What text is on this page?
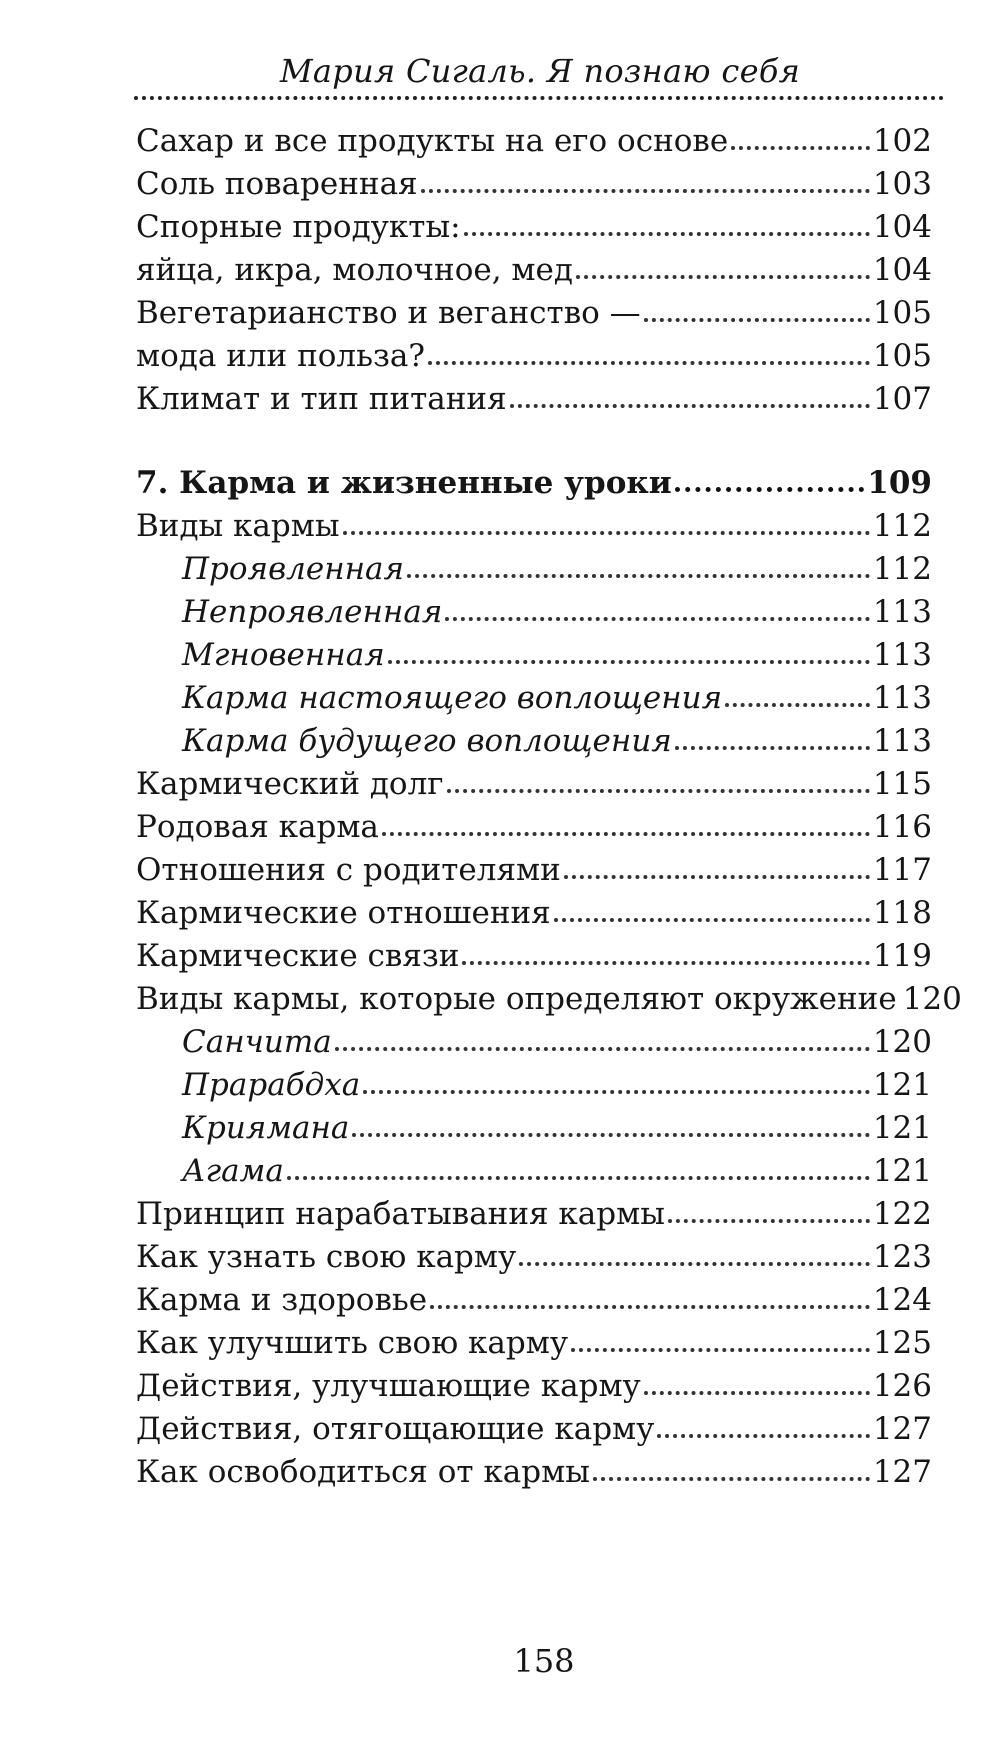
Мария Сигаль. Я познаю себя
Сахар и все продукты на его основе	102
Соль поваренная	103
Спорные продукты:	104
яйца, икра, молочное, мед	104
Вегетарианство и веганство —	105
мода или польза?	105
Климат и тип питания	107
7. Карма и жизненные уроки	109
Виды кармы	112
Проявленная	112
Непроявленная	113
Мгновенная	113
Карма настоящего воплощения	113
Карма будущего воплощения	113
Кармический долг	115
Родовая карма	116
Отношения с родителями	117
Кармические отношения	118
Кармические связи	119
Виды кармы, которые определяют окружение 120
Санчита	120
Прарабдха	121
Криямана	121
Агама	121
Принцип нарабатывания кармы	122
Как узнать свою карму	123
Карма и здоровье	124
Как улучшить свою карму	125
Действия, улучшающие карму	126
Действия, отягощающие карму	127
Как освободиться от кармы	127
158
